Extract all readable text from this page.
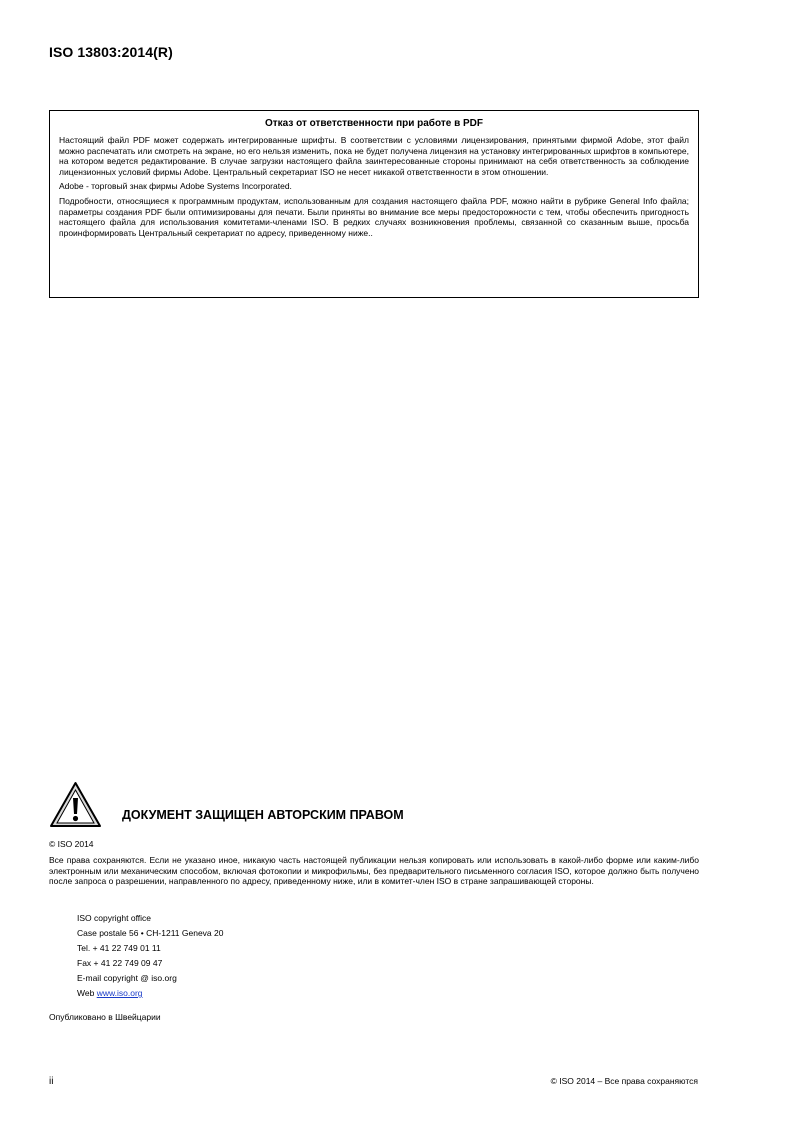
ISO 13803:2014(R)
Отказ от ответственности при работе в PDF

Настоящий файл PDF может содержать интегрированные шрифты. В соответствии с условиями лицензирования, принятыми фирмой Adobe, этот файл можно распечатать или смотреть на экране, но его нельзя изменить, пока не будет получена лицензия на установку интегрированных шрифтов в компьютере, на котором ведется редактирование. В случае загрузки настоящего файла заинтересованные стороны принимают на себя ответственность за соблюдение лицензионных условий фирмы Adobe. Центральный секретариат ISO не несет никакой ответственности в этом отношении.

Adobe - торговый знак фирмы Adobe Systems Incorporated.

Подробности, относящиеся к программным продуктам, использованным для создания настоящего файла PDF, можно найти в рубрике General Info файла; параметры создания PDF были оптимизированы для печати. Были приняты во внимание все меры предосторожности с тем, чтобы обеспечить пригодность настоящего файла для использования комитетами-членами ISO. В редких случаях возникновения проблемы, связанной со сказанным выше, просьба проинформировать Центральный секретариат по адресу, приведенному ниже..

ДОКУМЕНТ ЗАЩИЩЕН АВТОРСКИМ ПРАВОМ
© ISO 2014

Все права сохраняются. Если не указано иное, никакую часть настоящей публикации нельзя копировать или использовать в какой-либо форме или каким-либо электронным или механическим способом, включая фотокопии и микрофильмы, без предварительного письменного согласия ISO, которое должно быть получено после запроса о разрешении, направленного по адресу, приведенному ниже, или в комитет-член ISO в стране запрашивающей стороны.

ISO copyright office
Case postale 56 • CH-1211 Geneva 20
Tel. + 41 22 749 01 11
Fax + 41 22 749 09 47
E-mail copyright @ iso.org
Web www.iso.org
Опубликовано в Швейцарии
ii	© ISO 2014 – Все права сохраняются
